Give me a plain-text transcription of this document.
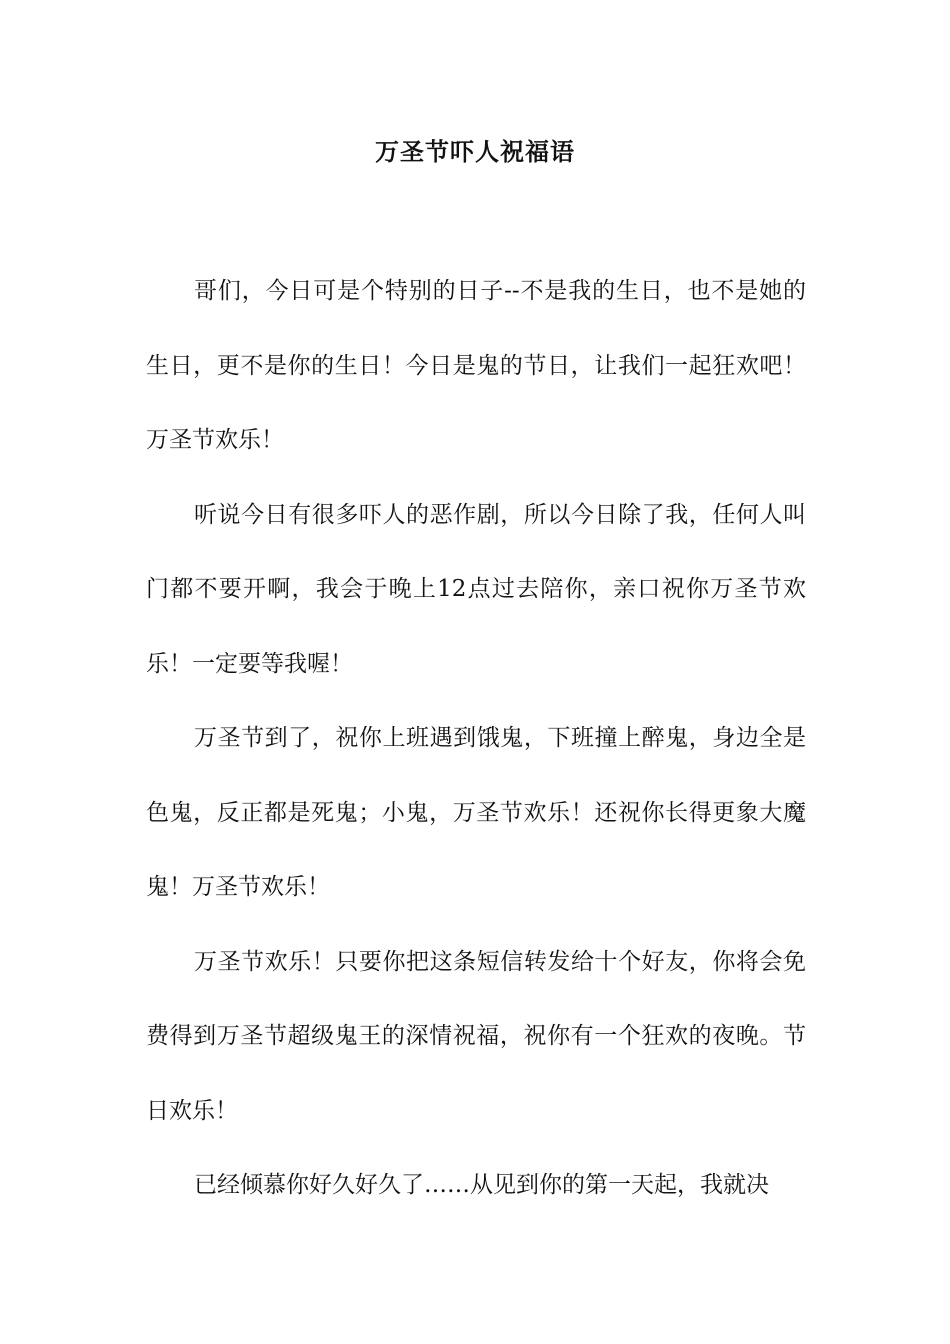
万圣节吓人祝福语

哥们，今日可是个特别的日子--不是我的生日，也不是她的生日，更不是你的生日！今日是鬼的节日，让我们一起狂欢吧！万圣节欢乐！

听说今日有很多吓人的恶作剧，所以今日除了我，任何人叫门都不要开啊，我会于晚上12点过去陪你，亲口祝你万圣节欢乐！一定要等我喔！

万圣节到了，祝你上班遇到饿鬼，下班撞上醉鬼，身边全是色鬼，反正都是死鬼；小鬼，万圣节欢乐！还祝你长得更象大魔鬼！万圣节欢乐！

万圣节欢乐！只要你把这条短信转发给十个好友，你将会免费得到万圣节超级鬼王的深情祝福，祝你有一个狂欢的夜晚。节日欢乐！

已经倾慕你好久好久了……从见到你的第一天起，我就决
